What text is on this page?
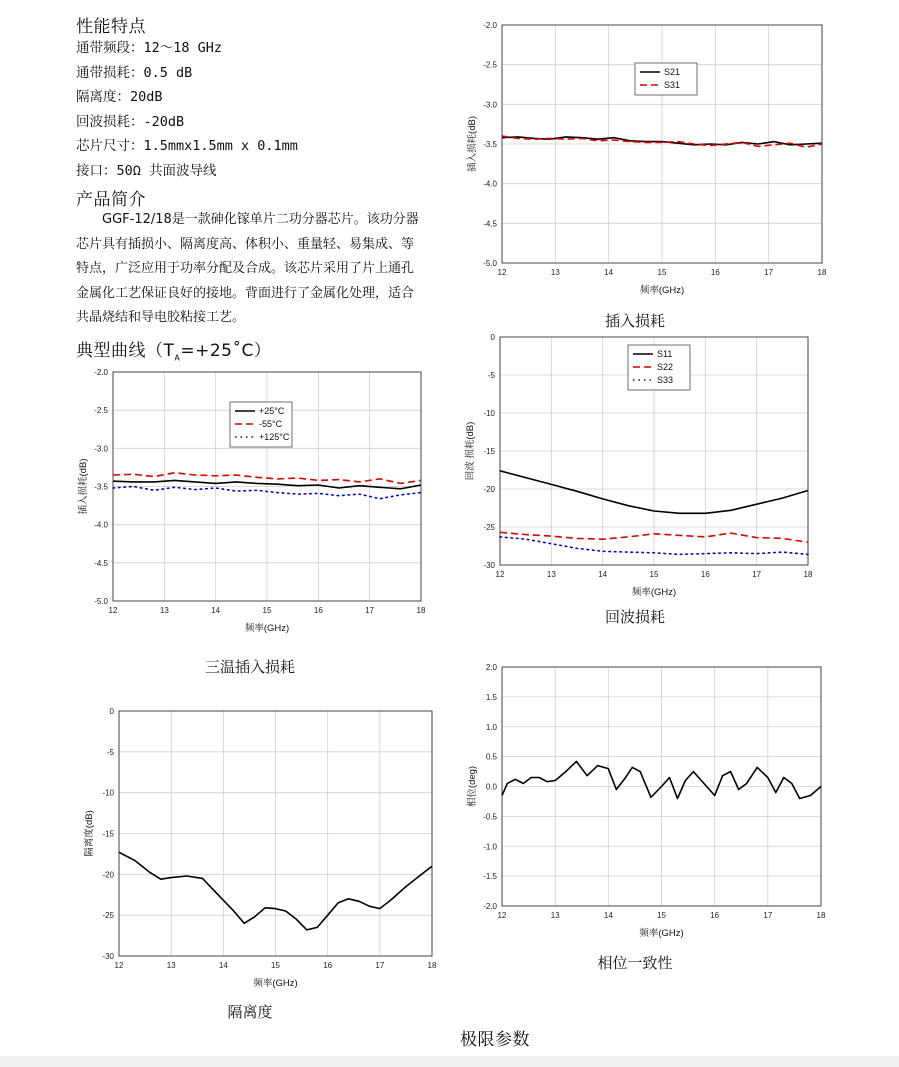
性能特点
通带频段：12～18 GHz
通带损耗：0.5 dB
隔离度：20dB
回波损耗：-20dB
芯片尺寸：1.5mmx1.5mm x 0.1mm
接口：50Ω 共面波导线
产品简介

GGF-12/18是一款砷化镓单片二功分器芯片。该功分器芯片具有插损小、隔离度高、体积小、重量轻、易集成、等特点，广泛应用于功率分配及合成。该芯片采用了片上通孔金属化工艺保证良好的接地。背面进行了金属化处理，适合共晶烧结和导电胶粘接工艺。

典型曲线$(T_A=+25˚C)$
12	13	14	15	16	17	18
-2.0
-2.5
-3.0
-3.5
-4.0
-4.5
-5.0
频率(GHz)
插入损耗(dB)
S21
S31
插入损耗
12	13	14	15	16	17	18
0
-5
-10
-15
-20
-25
-30
频率(GHz)
回波 损耗(dB)
S11
S22
S33
回波损耗
12	13	14	15	16	17	18
-2.0
-2.5
-3.0
-3.5
-4.0
-4.5
-5.0
频率(GHz)
插入损耗(dB)
+25°C
-55°C
+125°C
三温插入损耗
12	13	14	15	16	17	18
0
-5
-10
-15
-20
-25
-30
频率(GHz)
隔离度(dB)
隔离度
12	13	14	15	16	17	18
2.0
1.5
1.0
0.5
0.0
-0.5
-1.0
-1.5
-2.0
频率(GHz)
相位(deg)
相位一致性
极限参数
